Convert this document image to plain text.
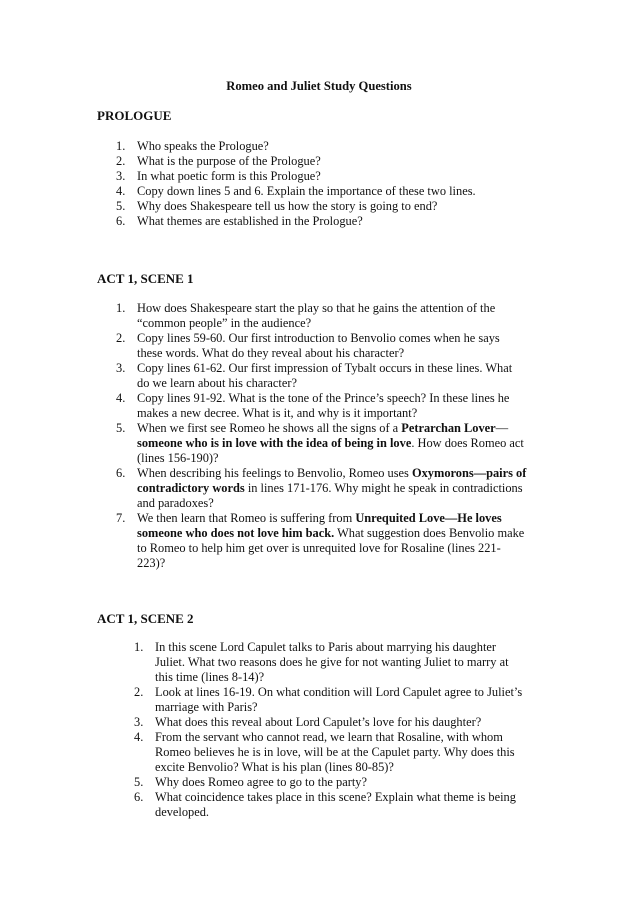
Romeo and Juliet Study Questions
PROLOGUE
1. Who speaks the Prologue?
2. What is the purpose of the Prologue?
3. In what poetic form is this Prologue?
4. Copy down lines 5 and 6. Explain the importance of these two lines.
5. Why does Shakespeare tell us how the story is going to end?
6. What themes are established in the Prologue?
ACT 1, SCENE 1
1. How does Shakespeare start the play so that he gains the attention of the
“common people” in the audience?
2. Copy lines 59-60. Our first introduction to Benvolio comes when he says
these words. What do they reveal about his character?
3. Copy lines 61-62. Our first impression of Tybalt occurs in these lines. What
do we learn about his character?
4. Copy lines 91-92. What is the tone of the Prince’s speech? In these lines he
makes a new decree. What is it, and why is it important?
5. When we first see Romeo he shows all the signs of a Petrarchan Lover—
someone who is in love with the idea of being in love. How does Romeo act
(lines 156-190)?
6. When describing his feelings to Benvolio, Romeo uses Oxymorons—pairs of
contradictory words in lines 171-176. Why might he speak in contradictions
and paradoxes?
7. We then learn that Romeo is suffering from Unrequited Love—He loves
someone who does not love him back. What suggestion does Benvolio make
to Romeo to help him get over is unrequited love for Rosaline (lines 221-
223)?
ACT 1, SCENE 2
1. In this scene Lord Capulet talks to Paris about marrying his daughter
Juliet. What two reasons does he give for not wanting Juliet to marry at
this time (lines 8-14)?
2. Look at lines 16-19. On what condition will Lord Capulet agree to Juliet’s
marriage with Paris?
3. What does this reveal about Lord Capulet’s love for his daughter?
4. From the servant who cannot read, we learn that Rosaline, with whom
Romeo believes he is in love, will be at the Capulet party. Why does this
excite Benvolio? What is his plan (lines 80-85)?
5. Why does Romeo agree to go to the party?
6. What coincidence takes place in this scene? Explain what theme is being
developed.
